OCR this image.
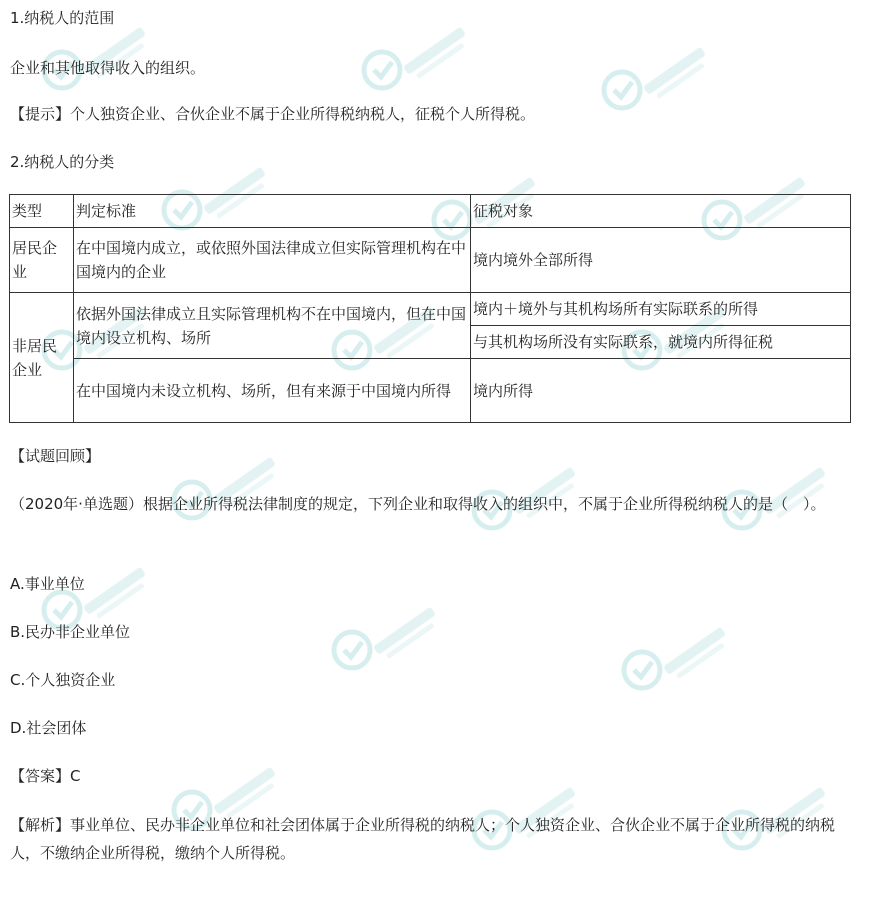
1.纳税人的范围
企业和其他取得收入的组织。
【提示】个人独资企业、合伙企业不属于企业所得税纳税人，征税个人所得税。
2.纳税人的分类
类型	判定标准	征税对象
居民企业	在中国境内成立，或依照外国法律成立但实际管理机构在中国境内的企业	境内境外全部所得
非居民企业	依据外国法律成立且实际管理机构不在中国境内，但在中国境内设立机构、场所	境内＋境外与其机构场所有实际联系的所得
		与其机构场所没有实际联系，就境内所得征税
	在中国境内未设立机构、场所，但有来源于中国境内所得	境内所得
【试题回顾】
（2020年·单选题）根据企业所得税法律制度的规定，下列企业和取得收入的组织中，不属于企业所得税纳税人的是（　）。
A.事业单位
B.民办非企业单位
C.个人独资企业
D.社会团体
【答案】C
【解析】事业单位、民办非企业单位和社会团体属于企业所得税的纳税人；个人独资企业、合伙企业不属于企业所得税的纳税人，不缴纳企业所得税，缴纳个人所得税。
